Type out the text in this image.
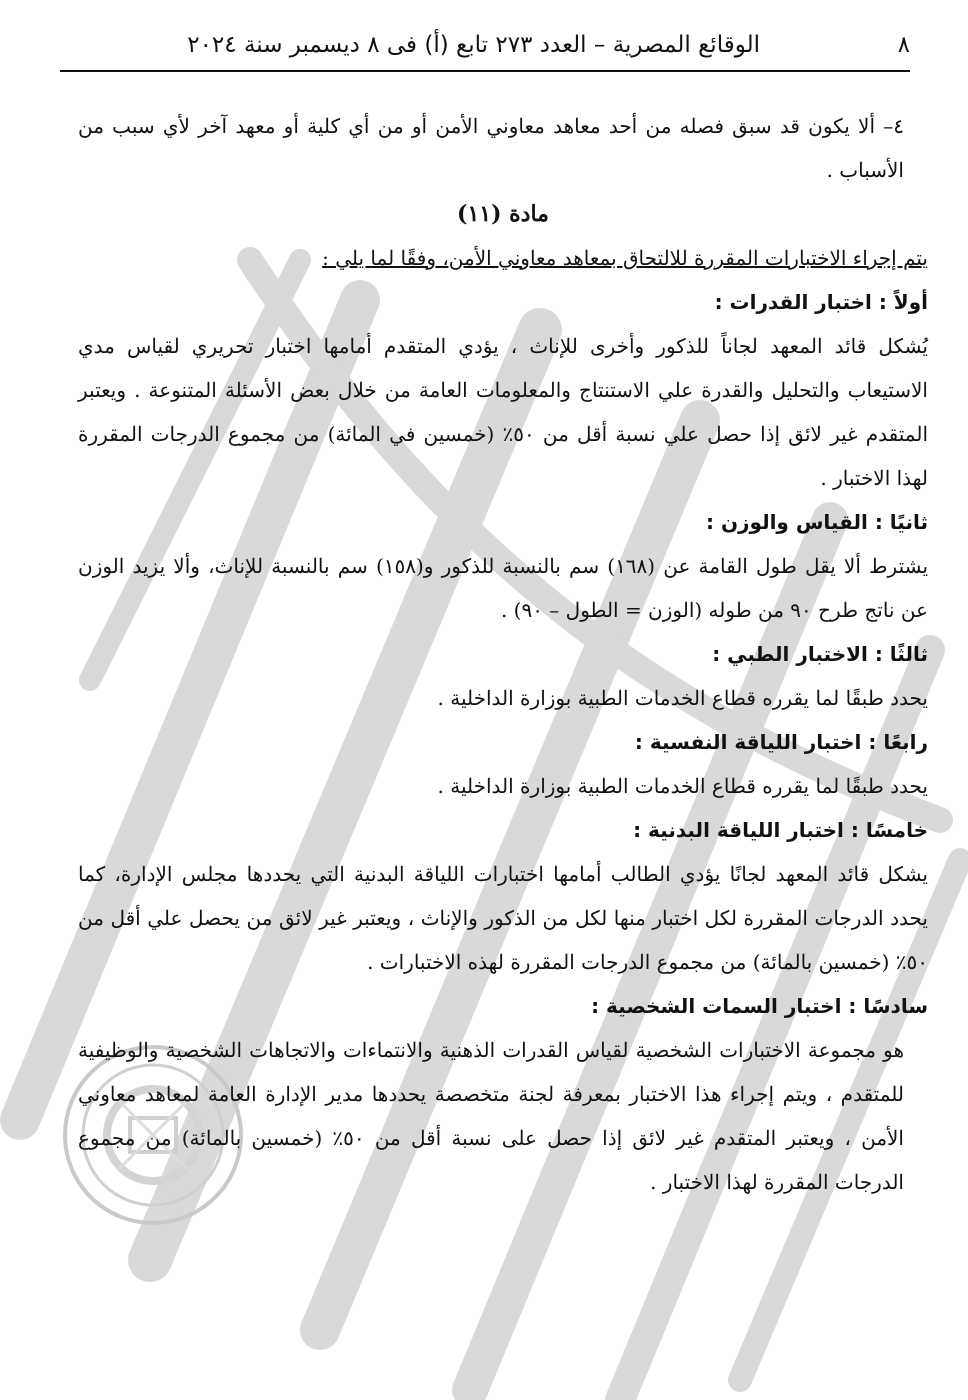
٨
الوقائع المصرية – العدد ٢٧٣ تابع (أ) فى ٨ ديسمبر سنة ٢٠٢٤

٤– ألا يكون قد سبق فصله من أحد معاهد معاوني الأمن أو من أي كلية أو معهد آخر لأي سبب من الأسباب .

مادة (١١)

يتم إجراء الاختبارات المقررة للالتحاق بمعاهد معاوني الأمن، وفقًا لما يلي :

أولاً : اختبار القدرات :

يُشكل قائد المعهد لجاناً للذكور وأخرى للإناث ، يؤدي المتقدم أمامها اختبار تحريري لقياس مدي الاستيعاب والتحليل والقدرة علي الاستنتاج والمعلومات العامة من خلال بعض الأسئلة المتنوعة . ويعتبر المتقدم غير لائق إذا حصل علي نسبة أقل من ٥٠٪ (خمسين في المائة) من مجموع الدرجات المقررة لهذا الاختبار .

ثانيًا : القياس والوزن :

يشترط ألا يقل طول القامة عن (١٦٨) سم بالنسبة للذكور و(١٥٨) سم بالنسبة للإناث، وألا يزيد الوزن عن ناتج طرح ٩٠ من طوله (الوزن = الطول – ٩٠) .

ثالثًا : الاختبار الطبي :

يحدد طبقًا لما يقرره قطاع الخدمات الطبية بوزارة الداخلية .

رابعًا : اختبار اللياقة النفسية :

يحدد طبقًا لما يقرره قطاع الخدمات الطبية بوزارة الداخلية .

خامسًا : اختبار اللياقة البدنية :

يشكل قائد المعهد لجانًا يؤدي الطالب أمامها اختبارات اللياقة البدنية التي يحددها مجلس الإدارة، كما يحدد الدرجات المقررة لكل اختبار منها لكل من الذكور والإناث ، ويعتبر غير لائق من يحصل علي أقل من ٥٠٪ (خمسين بالمائة) من مجموع الدرجات المقررة لهذه الاختبارات .

سادسًا : اختبار السمات الشخصية :

هو مجموعة الاختبارات الشخصية لقياس القدرات الذهنية والانتماءات والاتجاهات الشخصية والوظيفية للمتقدم ، ويتم إجراء هذا الاختبار بمعرفة لجنة متخصصة يحددها مدير الإدارة العامة لمعاهد معاوني الأمن ، ويعتبر المتقدم غير لائق إذا حصل على نسبة أقل من ٥٠٪ (خمسين بالمائة) من مجموع الدرجات المقررة لهذا الاختبار .
